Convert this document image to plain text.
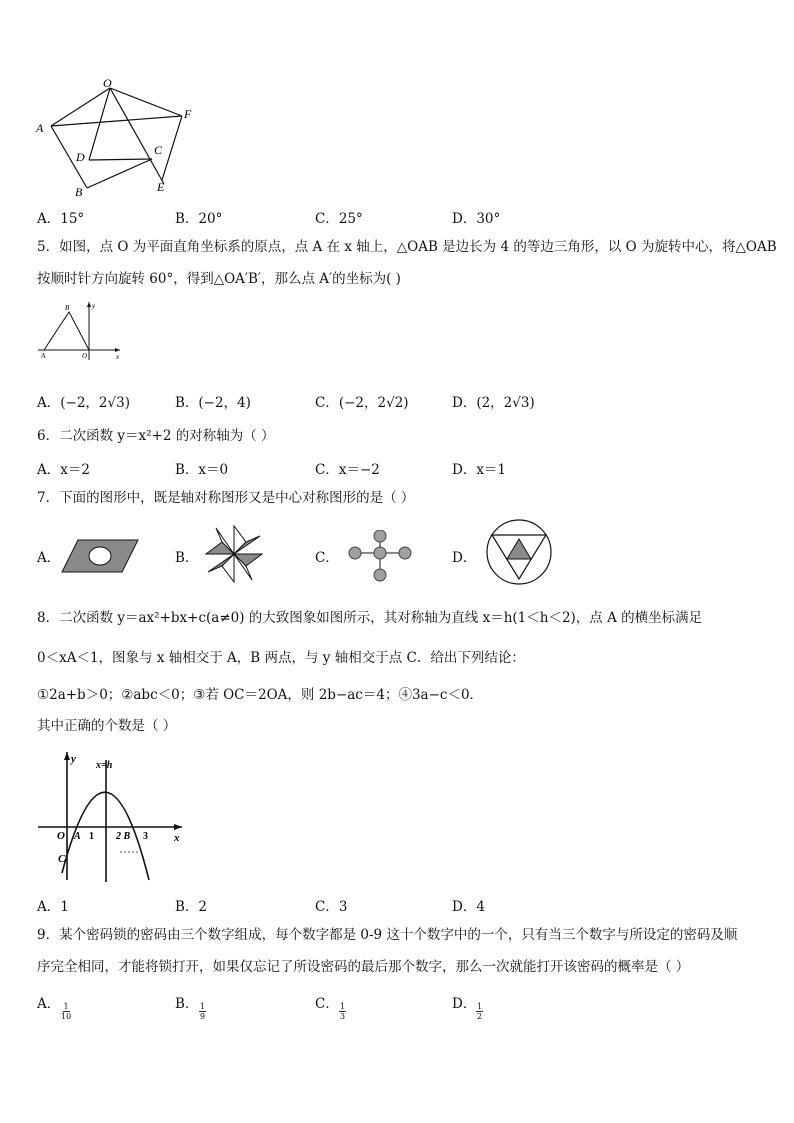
O
F
A
D	C
B	E
A．15°	B．20°	C．25°	D．30°
5．如图，点 O 为平面直角坐标系的原点，点 A 在 x 轴上，△OAB 是边长为 4 的等边三角形，以 O 为旋转中心，将△OAB
按顺时针方向旋转 60°，得到△OA′B′，那么点 A′的坐标为( )
y
B
A	O	x
A．(−2，2√3)	B．(−2，4)	C．(−2，2√2)	D．(2，2√3)
6．二次函数 y＝x²+2 的对称轴为（ ）
A．x＝2	B．x＝0	C．x＝−2	D．x＝1
7．下面的图形中，既是轴对称图形又是中心对称图形的是（ ）
A．	B．	C．	D．
8．二次函数 y＝ax²+bx+c(a≠0) 的大致图象如图所示，其对称轴为直线 x＝h(1＜h＜2)，点 A 的横坐标满足
0＜xA＜1，图象与 x 轴相交于 A，B 两点，与 y 轴相交于点 C．给出下列结论：
①2a+b＞0；②abc＜0；③若 OC＝2OA，则 2b−ac＝4；④3a−c＜0．
其中正确的个数是（ ）
y
x=h
O A 1 2 B 3 x
C
A．1	B．2	C．3	D．4
9．某个密码锁的密码由三个数字组成，每个数字都是 0-9 这十个数字中的一个，只有当三个数字与所设定的密码及顺
序完全相同，才能将锁打开，如果仅忘记了所设密码的最后那个数字，那么一次就能打开该密码的概率是（ ）
A． $\frac{1}{10}$	B． $\frac{1}{9}$	C． $\frac{1}{3}$	D． $\frac{1}{2}$
